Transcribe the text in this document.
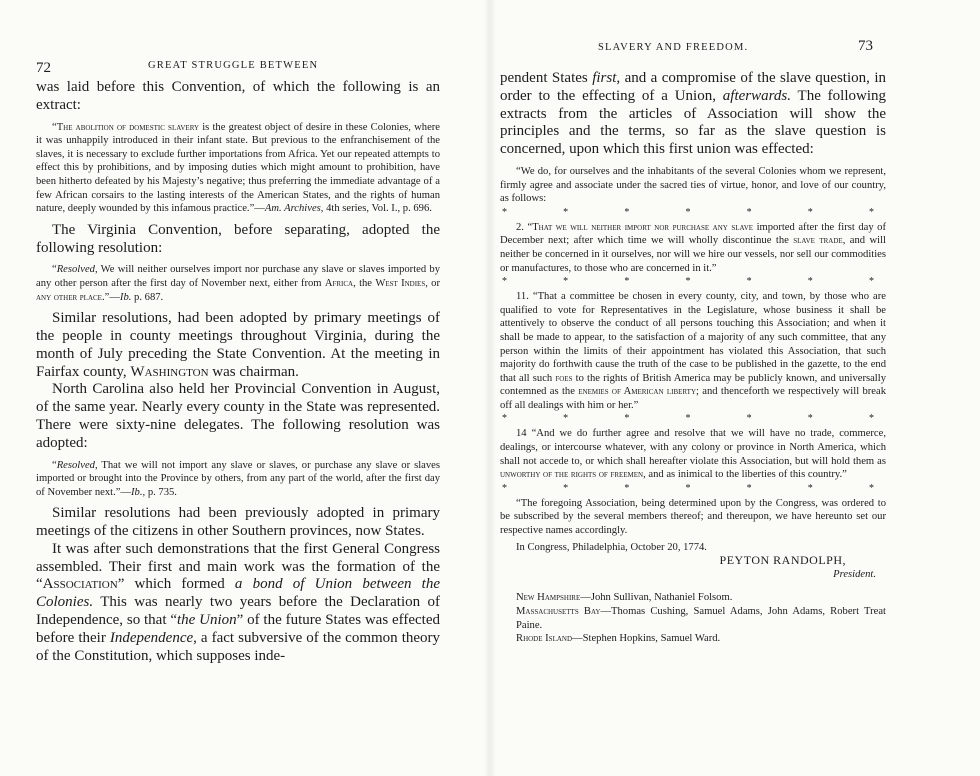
72	GREAT STRUGGLE BETWEEN

was laid before this Convention, of which the following is an extract:

“The abolition of domestic slavery is the greatest object of desire in these Colonies, where it was unhappily introduced in their infant state. But previous to the enfranchisement of the slaves, it is necessary to exclude further importations from Africa. Yet our repeated attempts to effect this by prohibitions, and by imposing duties which might amount to prohibition, have been hitherto defeated by his Majesty’s negative; thus preferring the immediate advantage of a few African corsairs to the lasting interests of the American States, and the rights of human nature, deeply wounded by this infamous practice.”—Am. Archives, 4th series, Vol. I., p. 696.

The Virginia Convention, before separating, adopted the following resolution:

“Resolved, We will neither ourselves import nor purchase any slave or slaves imported by any other person after the first day of November next, either from Africa, the West Indies, or any other place.”—Ib. p. 687.

Similar resolutions, had been adopted by primary meetings of the people in county meetings throughout Virginia, during the month of July preceding the State Convention. At the meeting in Fairfax county, Washington was chairman.

North Carolina also held her Provincial Convention in August, of the same year. Nearly every county in the State was represented. There were sixty-nine delegates. The following resolution was adopted:

“Resolved, That we will not import any slave or slaves, or purchase any slave or slaves imported or brought into the Province by others, from any part of the world, after the first day of November next.”—Ib., p. 735.

Similar resolutions had been previously adopted in primary meetings of the citizens in other Southern provinces, now States.

It was after such demonstrations that the first General Congress assembled. Their first and main work was the formation of the “Association” which formed a bond of Union between the Colonies. This was nearly two years before the Declaration of Independence, so that “the Union” of the future States was effected before their Independence, a fact subversive of the common theory of the Constitution, which supposes inde-

SLAVERY AND FREEDOM.	73

pendent States first, and a compromise of the slave question, in order to the effecting of a Union, afterwards. The following extracts from the articles of Association will show the principles and the terms, so far as the slave question is concerned, upon which this first union was effected:

“We do, for ourselves and the inhabitants of the several Colonies whom we represent, firmly agree and associate under the sacred ties of virtue, honor, and love of our country, as follows:

*	*	*	*	*	*	*

2. “That we will neither import nor purchase any slave imported after the first day of December next; after which time we will wholly discontinue the slave trade, and will neither be concerned in it ourselves, nor will we hire our vessels, nor sell our commodities or manufactures, to those who are concerned in it.”

*	*	*	*	*	*	*

11. “That a committee be chosen in every county, city, and town, by those who are qualified to vote for Representatives in the Legislature, whose business it shall be attentively to observe the conduct of all persons touching this Association; and when it shall be made to appear, to the satisfaction of a majority of any such committee, that any person within the limits of their appointment has violated this Association, that such majority do forthwith cause the truth of the case to be published in the gazette, to the end that all such foes to the rights of British America may be publicly known, and universally contemned as the enemies of American liberty; and thenceforth we respectively will break off all dealings with him or her.”

*	*	*	*	*	*	*

14 “And we do further agree and resolve that we will have no trade, commerce, dealings, or intercourse whatever, with any colony or province in North America, which shall not accede to, or which shall hereafter violate this Association, but will hold them as unworthy of the rights of freemen, and as inimical to the liberties of this country.”

*	*	*	*	*	*	*

“The foregoing Association, being determined upon by the Congress, was ordered to be subscribed by the several members thereof; and thereupon, we have hereunto set our respective names accordingly.

In Congress, Philadelphia, October 20, 1774.

PEYTON RANDOLPH,

President.

New Hampshire—John Sullivan, Nathaniel Folsom.

Massachusetts Bay—Thomas Cushing, Samuel Adams, John Adams, Robert Treat Paine.

Rhode Island—Stephen Hopkins, Samuel Ward.
